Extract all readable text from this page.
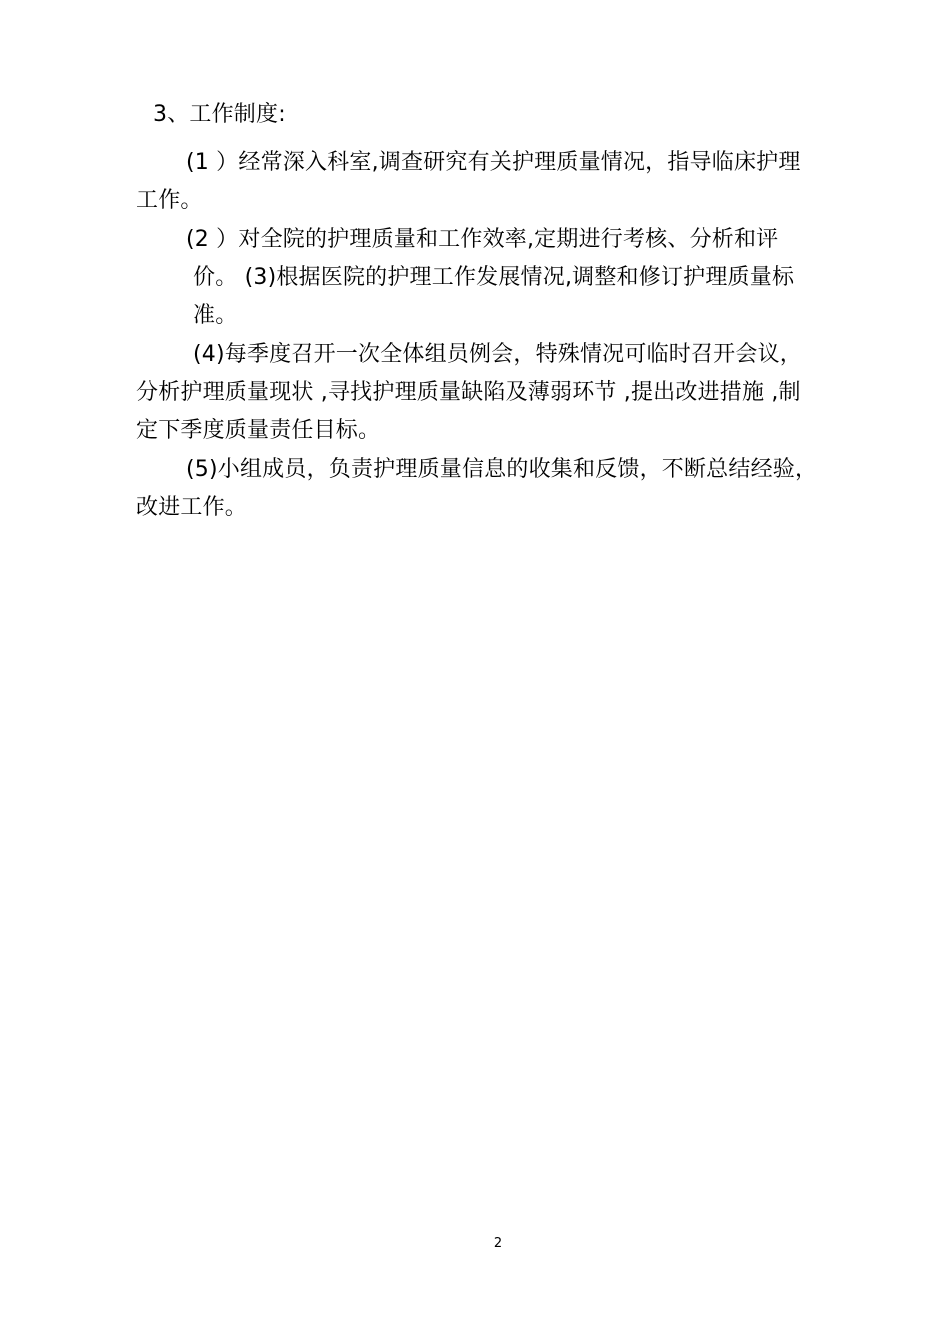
3、工作制度:
(1 ）经常深入科室,调查研究有关护理质量情况，指导临床护理
工作。
(2 ）对全院的护理质量和工作效率,定期进行考核、分析和评
价。 (3)根据医院的护理工作发展情况,调整和修订护理质量标
准。
(4)每季度召开一次全体组员例会，特殊情况可临时召开会议，
分析护理质量现状 ,寻找护理质量缺陷及薄弱环节 ,提出改进措施 ,制
定下季度质量责任目标。
(5)小组成员，负责护理质量信息的收集和反馈，不断总结经验，
改进工作。
2
